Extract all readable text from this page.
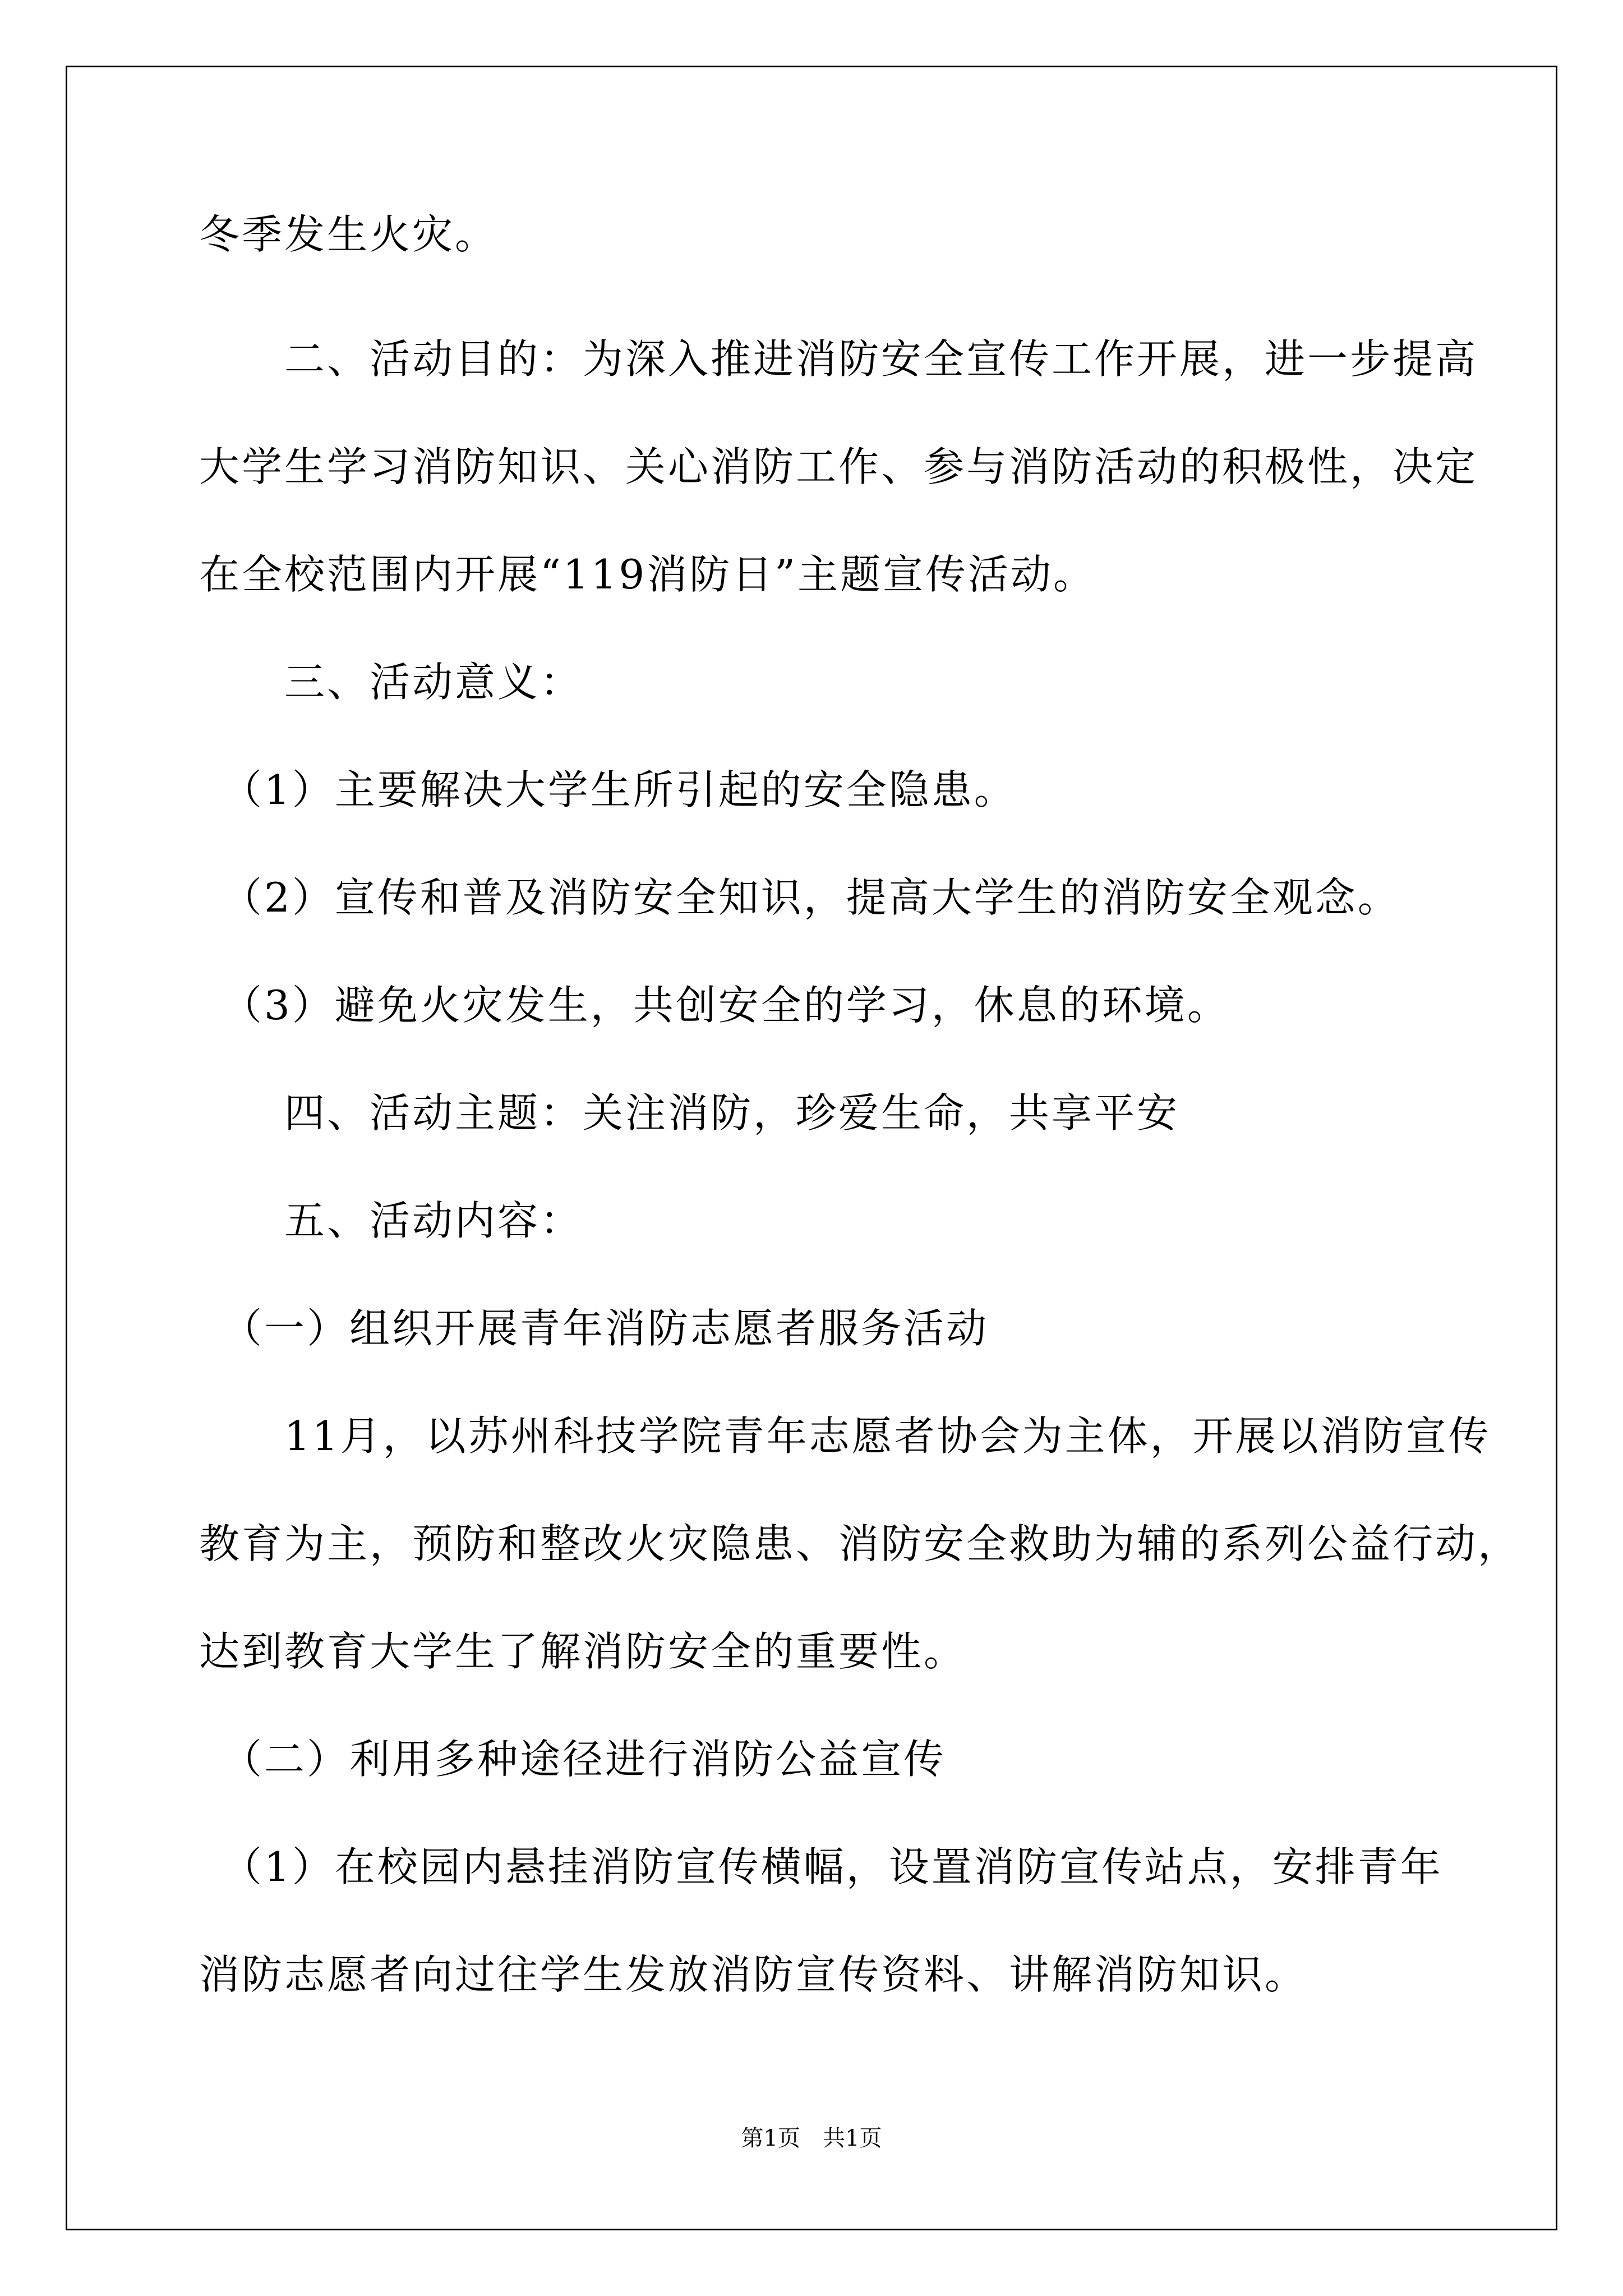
冬季发生火灾。
　　二、活动目的：为深入推进消防安全宣传工作开展，进一步提高
大学生学习消防知识、关心消防工作、参与消防活动的积极性，决定
在全校范围内开展“119消防日”主题宣传活动。
　　三、活动意义：
　（1）主要解决大学生所引起的安全隐患。
　（2）宣传和普及消防安全知识，提高大学生的消防安全观念。
　（3）避免火灾发生，共创安全的学习，休息的环境。
　　四、活动主题：关注消防，珍爱生命，共享平安
　　五、活动内容：
　（一）组织开展青年消防志愿者服务活动
　　11月，以苏州科技学院青年志愿者协会为主体，开展以消防宣传
教育为主，预防和整改火灾隐患、消防安全救助为辅的系列公益行动，
达到教育大学生了解消防安全的重要性。
　（二）利用多种途径进行消防公益宣传
　（1）在校园内悬挂消防宣传横幅，设置消防宣传站点，安排青年
消防志愿者向过往学生发放消防宣传资料、讲解消防知识。
第1页　共1页
